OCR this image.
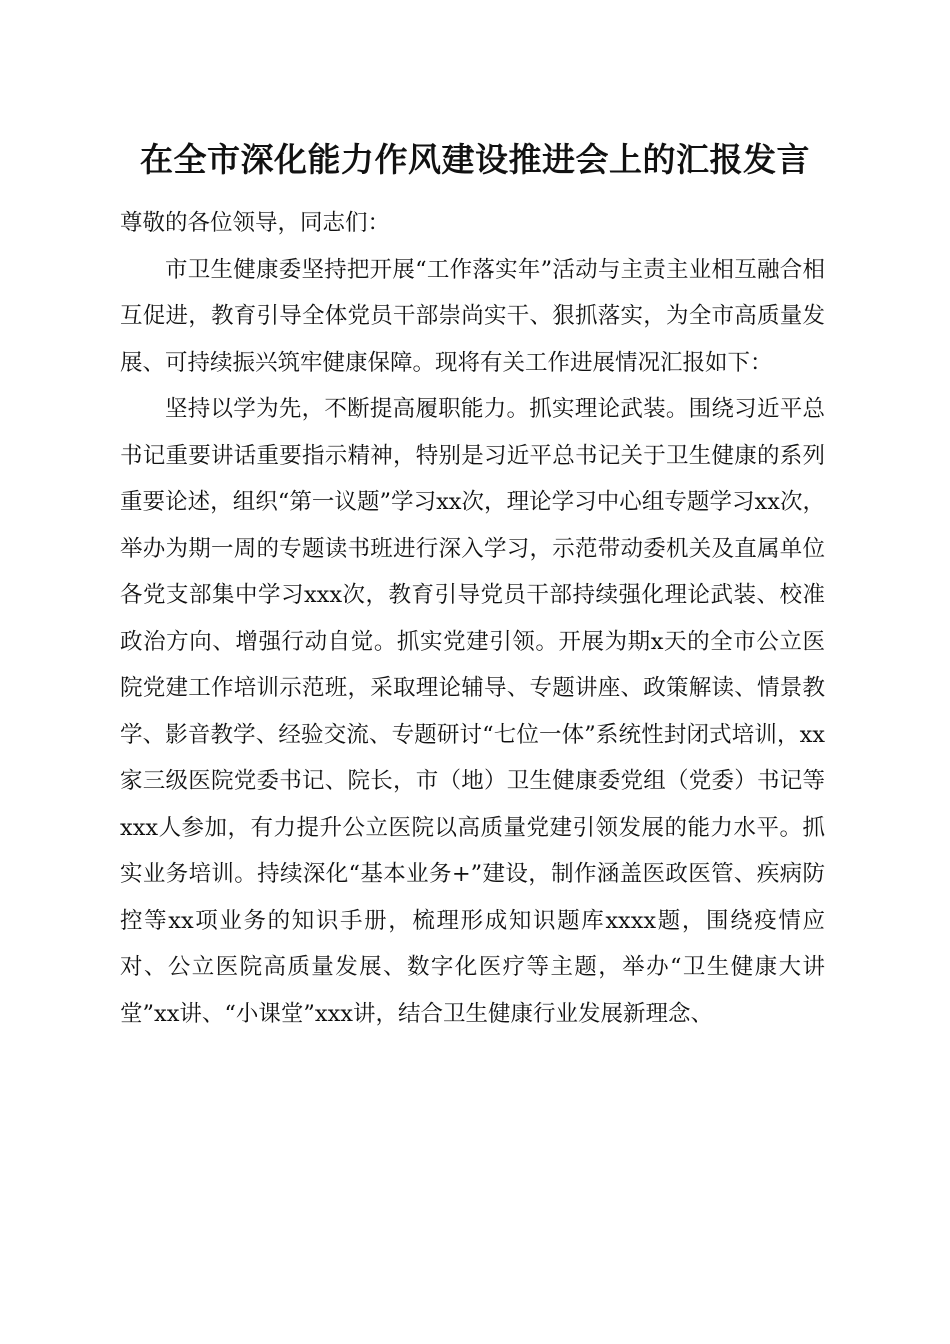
在全市深化能力作风建设推进会上的汇报发言

尊敬的各位领导，同志们：

市卫生健康委坚持把开展“工作落实年”活动与主责主业相互融合相互促进，教育引导全体党员干部崇尚实干、狠抓落实，为全市高质量发展、可持续振兴筑牢健康保障。现将有关工作进展情况汇报如下：

坚持以学为先，不断提高履职能力。抓实理论武装。围绕习近平总书记重要讲话重要指示精神，特别是习近平总书记关于卫生健康的系列重要论述，组织“第一议题”学习xx次，理论学习中心组专题学习xx次，举办为期一周的专题读书班进行深入学习，示范带动委机关及直属单位各党支部集中学习xxx次，教育引导党员干部持续强化理论武装、校准政治方向、增强行动自觉。抓实党建引领。开展为期x天的全市公立医院党建工作培训示范班，采取理论辅导、专题讲座、政策解读、情景教学、影音教学、经验交流、专题研讨“七位一体”系统性封闭式培训，xx家三级医院党委书记、院长，市（地）卫生健康委党组（党委）书记等xxx人参加，有力提升公立医院以高质量党建引领发展的能力水平。抓实业务培训。持续深化“基本业务+”建设，制作涵盖医政医管、疾病防控等xx项业务的知识手册，梳理形成知识题库xxxx题，围绕疫情应对、公立医院高质量发展、数字化医疗等主题，举办“卫生健康大讲堂”xx讲、“小课堂”xxx讲，结合卫生健康行业发展新理念、
